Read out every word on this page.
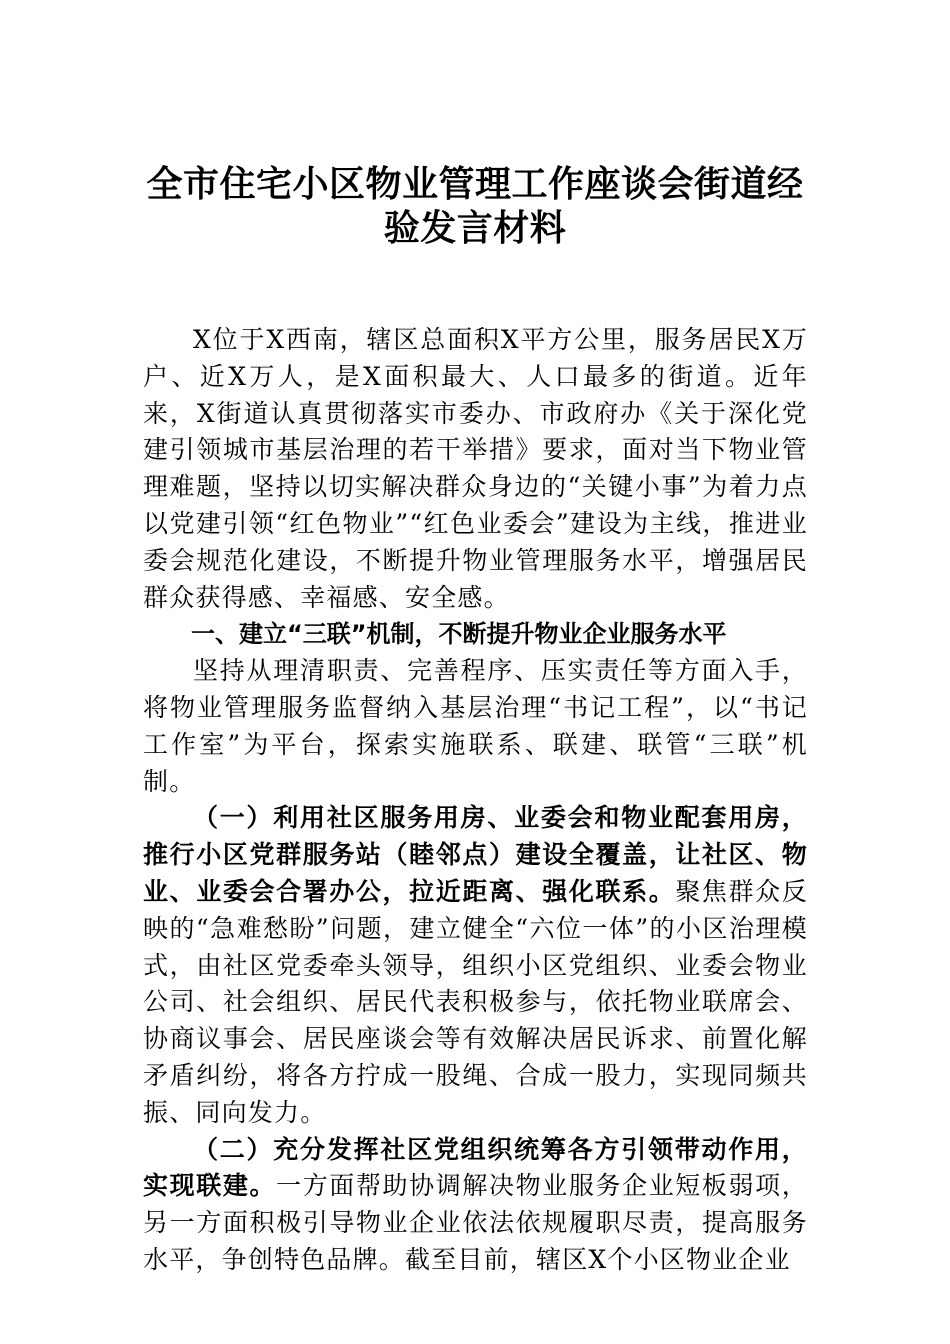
全市住宅小区物业管理工作座谈会街道经
验发言材料

X位于X西南，辖区总面积X平方公里，服务居民X万户、近X万人，是X面积最大、人口最多的街道。近年来，X街道认真贯彻落实市委办、市政府办《关于深化党建引领城市基层治理的若干举措》要求，面对当下物业管理难题，坚持以切实解决群众身边的“关键小事”为着力点以党建引领“红色物业”“红色业委会”建设为主线，推进业委会规范化建设，不断提升物业管理服务水平，增强居民群众获得感、幸福感、安全感。

一、建立“三联”机制，不断提升物业企业服务水平

坚持从理清职责、完善程序、压实责任等方面入手，将物业管理服务监督纳入基层治理“书记工程”，以“书记工作室”为平台，探索实施联系、联建、联管“三联”机制。

（一）利用社区服务用房、业委会和物业配套用房，推行小区党群服务站（睦邻点）建设全覆盖，让社区、物业、业委会合署办公，拉近距离、强化联系。聚焦群众反映的“急难愁盼”问题，建立健全“六位一体”的小区治理模式，由社区党委牵头领导，组织小区党组织、业委会物业公司、社会组织、居民代表积极参与，依托物业联席会、协商议事会、居民座谈会等有效解决居民诉求、前置化解矛盾纠纷，将各方拧成一股绳、合成一股力，实现同频共振、同向发力。

（二）充分发挥社区党组织统筹各方引领带动作用，实现联建。一方面帮助协调解决物业服务企业短板弱项，另一方面积极引导物业企业依法依规履职尽责，提高服务水平，争创特色品牌。截至目前，辖区X个小区物业企业
